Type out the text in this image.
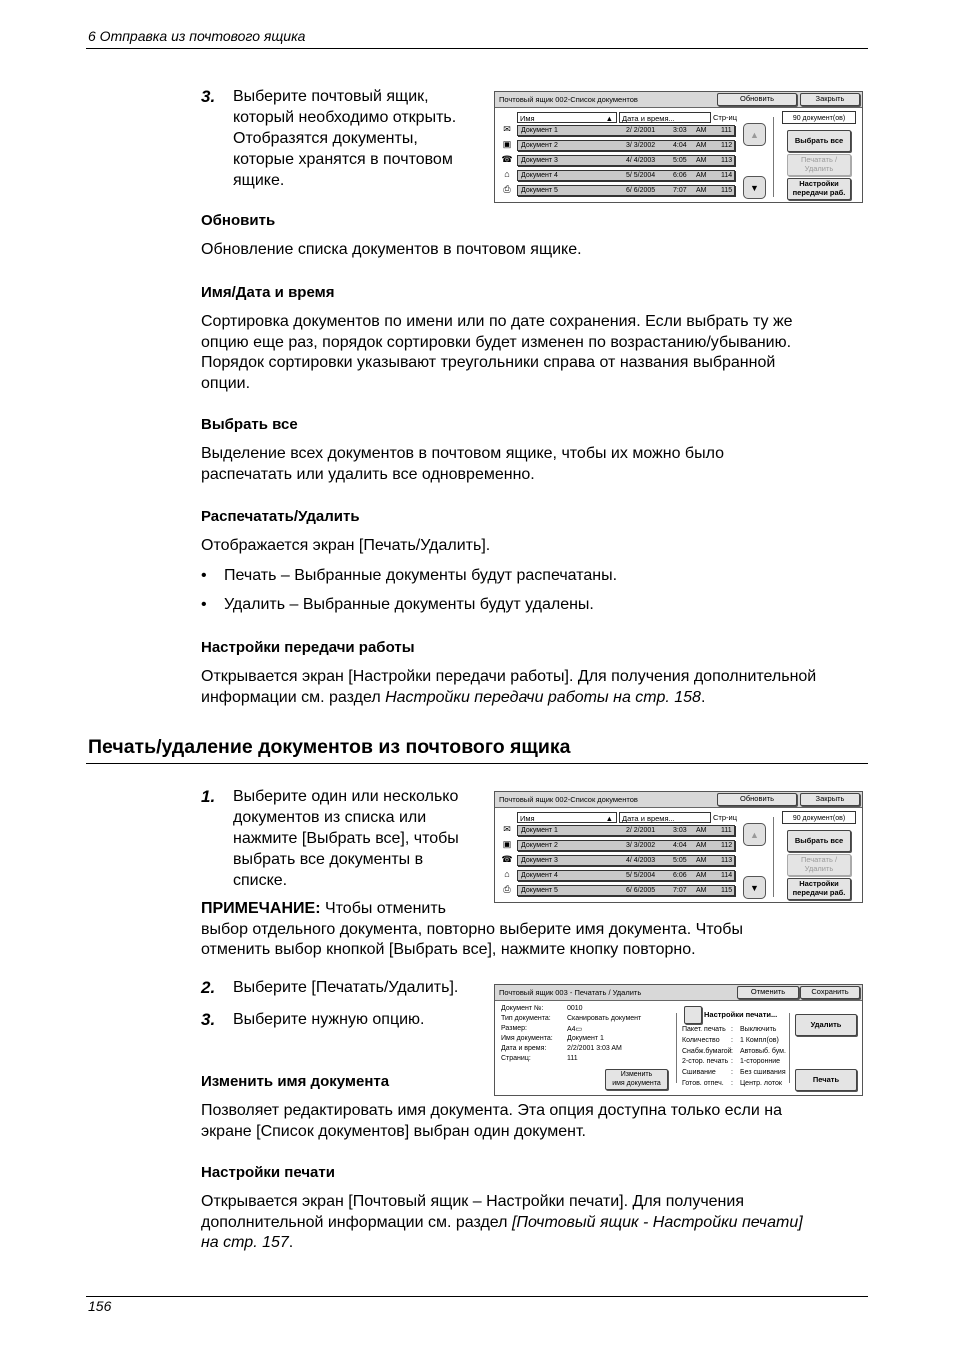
6 Отправка из почтового ящика
3. Выберите почтовый ящик,
который необходимо открыть.
Отобразятся документы,
которые хранятся в почтовом
ящике.
Почтовый ящик 002-Список документов	Обновить	Закрыть
Имя	▲	Дата и время...	Стр-иц
✉	Документ 1	2/ 2/2001	3:03 AM 111
▣ Документ 2	3/ 3/2002	4:04 AM 112
☎ Документ 3	4/ 4/2003	5:05 AM 113
⌂	Документ 4	5/ 5/2004	6:06 AM 114
⎙	Документ 5	6/ 6/2005	7:07 AM 115
▲
▼
90 документ(ов)
Выбрать все
Печатать /
Удалить
Настройки
передачи раб.
Обновить
Обновление списка документов в почтовом ящике.
Имя/Дата и время
Сортировка документов по имени или по дате сохранения. Если выбрать ту же
опцию еще раз, порядок сортировки будет изменен по возрастанию/убыванию.
Порядок сортировки указывают треугольники справа от названия выбранной
опции.
Выбрать все
Выделение всех документов в почтовом ящике, чтобы их можно было
распечатать или удалить все одновременно.
Распечатать/Удалить
Отображается экран [Печать/Удалить].
• Печать – Выбранные документы будут распечатаны.
• Удалить – Выбранные документы будут удалены.
Настройки передачи работы
Открывается экран [Настройки передачи работы]. Для получения дополнительной
информации см. раздел Настройки передачи работы на стр. 158.
Печать/удаление документов из почтового ящика
1. Выберите один или несколько
документов из списка или
нажмите [Выбрать все], чтобы
выбрать все документы в
списке.
Почтовый ящик 002-Список документов	Обновить	Закрыть
Имя	▲	Дата и время...	Стр-иц
✉	Документ 1	2/ 2/2001	3:03 AM 111
▣ Документ 2	3/ 3/2002	4:04 AM 112
☎ Документ 3	4/ 4/2003	5:05 AM 113
⌂	Документ 4	5/ 5/2004	6:06 AM 114
⎙	Документ 5	6/ 6/2005	7:07 AM 115
▲
▼
90 документ(ов)
Выбрать все
Печатать /
Удалить
Настройки
передачи раб.
ПРИМЕЧАНИЕ: Чтобы отменить
выбор отдельного документа, повторно выберите имя документа. Чтобы
отменить выбор кнопкой [Выбрать все], нажмите кнопку повторно.
2. Выберите [Печатать/Удалить].
3. Выберите нужную опцию.
Почтовый ящик 003 - Печатать / Удалить	Отменить	Сохранить
Документ №:	0010
Тип документа: Сканировать документ
Размер:	A4▭
Имя документа: Документ 1
Дата и время:	2/2/2001 3:03 AM
Страниц:	111
Изменить
имя документа
Настройки печати...
Пакет. печать : Выключить
Количество : 1 Компл(ов)
Снабж.бумагой : Автовыб. бум.
2-стор. печать : 1-сторонние
Сшивание : Без сшивания
Готов. отпеч. : Центр. лоток
Удалить
Печать
Изменить имя документа
Позволяет редактировать имя документа. Эта опция доступна только если на
экране [Список документов] выбран один документ.
Настройки печати
Открывается экран [Почтовый ящик – Настройки печати]. Для получения
дополнительной информации см. раздел [Почтовый ящик - Настройки печати]
на стр. 157.
156
